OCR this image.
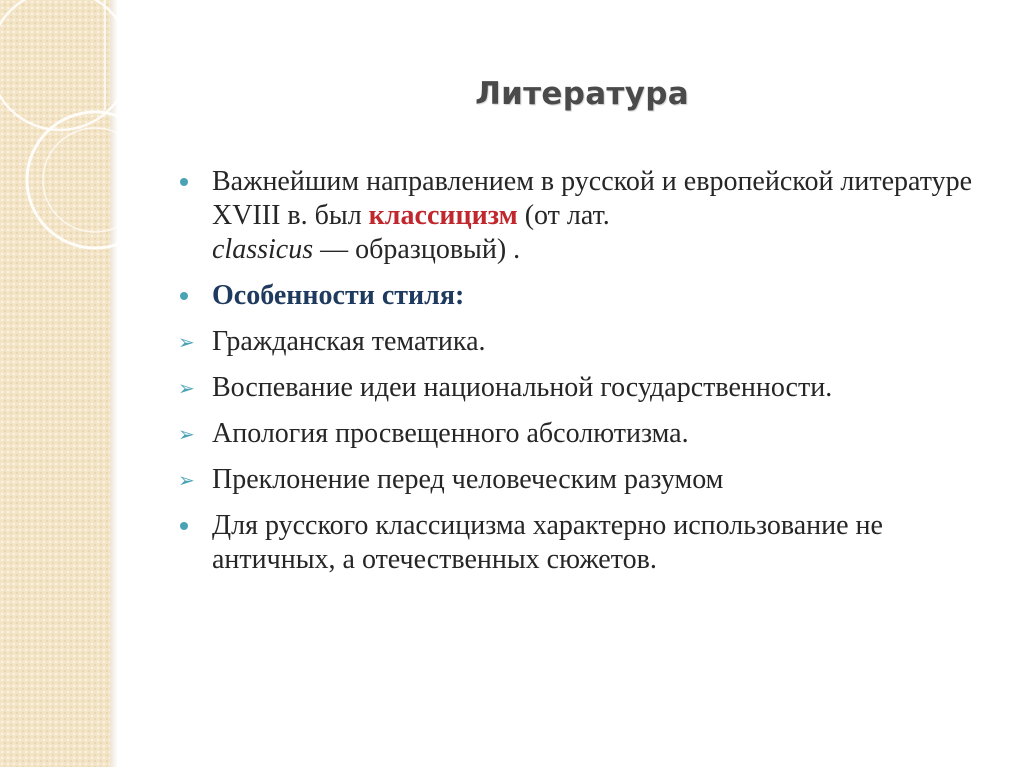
Литература
Важнейшим направлением в русской и европейской литературе XVIII в. был классицизм (от лат.
classicus — образцовый) .
Особенности стиля:
➢ Гражданская тематика.
➢ Воспевание идеи национальной государственности.
➢ Апология просвещенного абсолютизма.
➢ Преклонение перед человеческим разумом
Для русского классицизма характерно использование не античных, а отечественных сюжетов.
